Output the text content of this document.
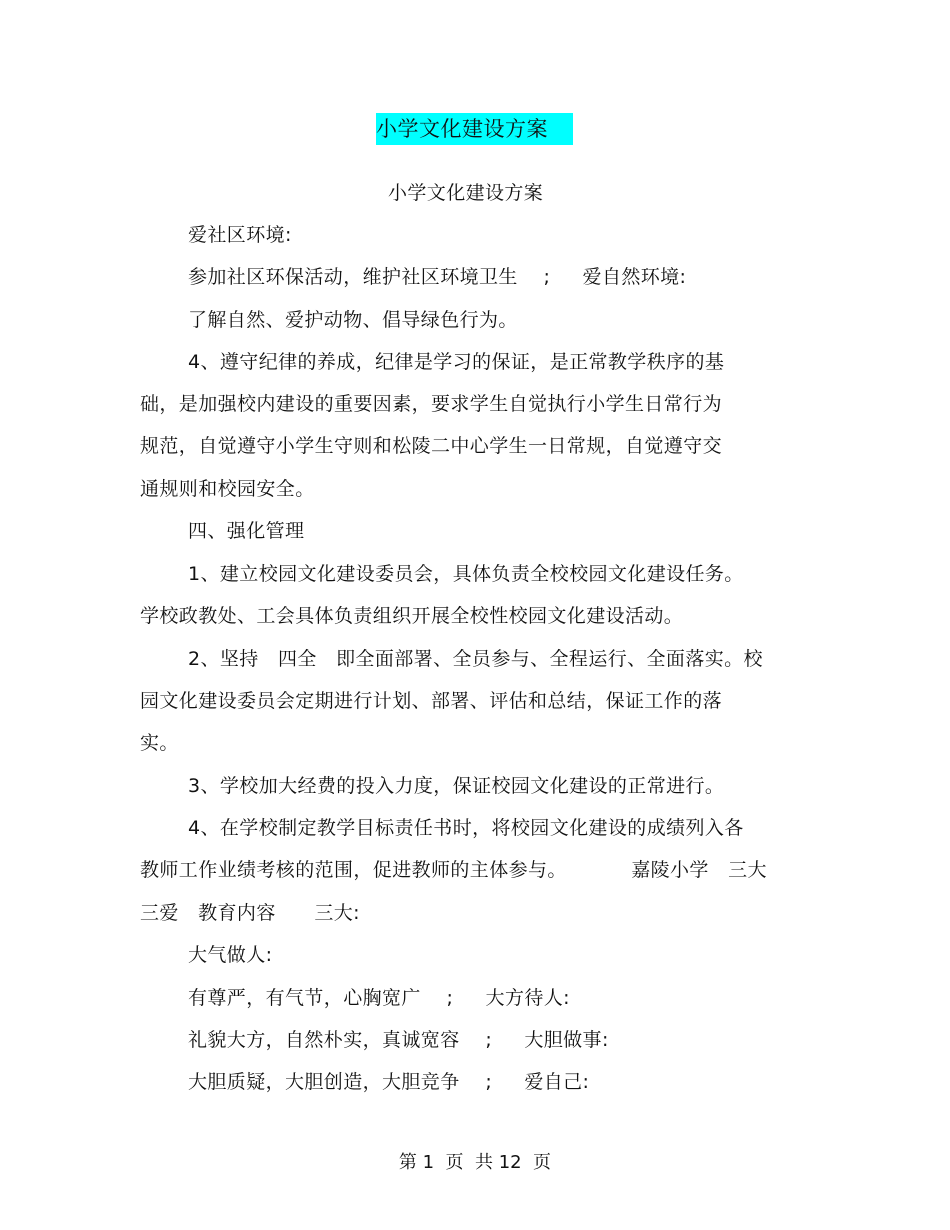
小学文化建设方案
小学文化建设方案
爱社区环境:
参加社区环保活动，维护社区环境卫生    ;     爱自然环境:
了解自然、爱护动物、倡导绿色行为。
4、遵守纪律的养成，纪律是学习的保证，是正常教学秩序的基
础，是加强校内建设的重要因素，要求学生自觉执行小学生日常行为
规范，自觉遵守小学生守则和松陵二中心学生一日常规，自觉遵守交
通规则和校园安全。
四、强化管理
1、建立校园文化建设委员会，具体负责全校校园文化建设任务。
学校政教处、工会具体负责组织开展全校性校园文化建设活动。
2、坚持   四全   即全面部署、全员参与、全程运行、全面落实。校
园文化建设委员会定期进行计划、部署、评估和总结，保证工作的落
实。
3、学校加大经费的投入力度，保证校园文化建设的正常进行。
4、在学校制定教学目标责任书时，将校园文化建设的成绩列入各
教师工作业绩考核的范围，促进教师的主体参与。          嘉陵小学   三大
三爱   教育内容      三大:
大气做人:
有尊严，有气节，心胸宽广    ;     大方待人:
礼貌大方，自然朴实，真诚宽容    ;     大胆做事:
大胆质疑，大胆创造，大胆竞争    ;     爱自己:
第 1  页  共 12  页
